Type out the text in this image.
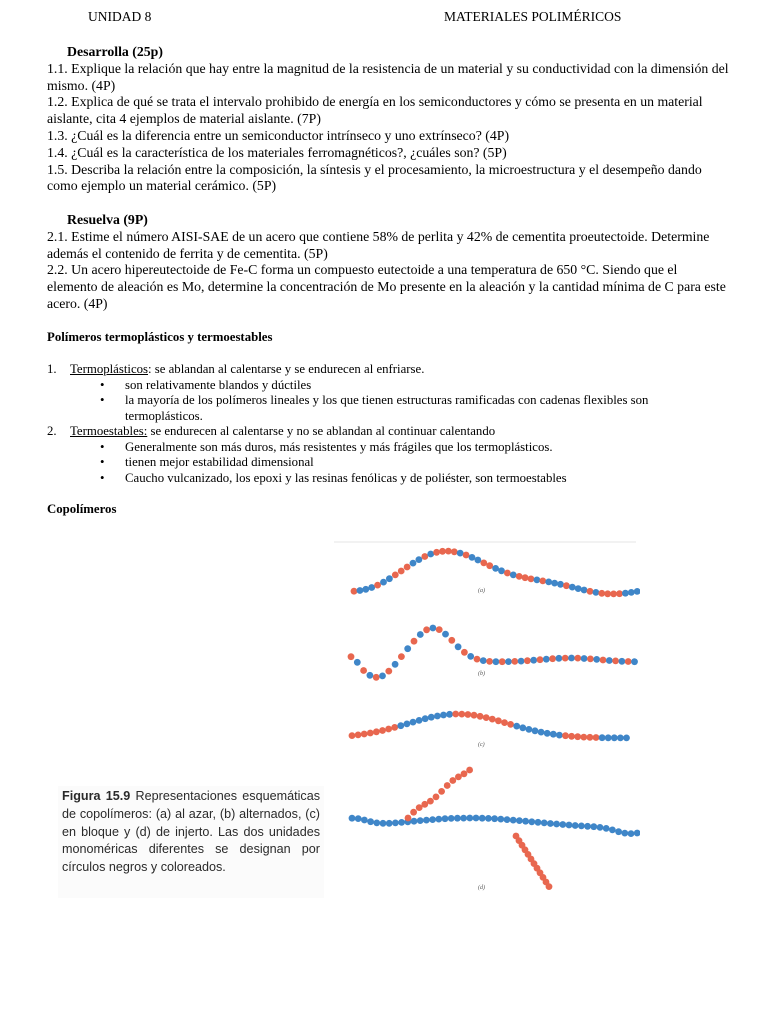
UNIDAD 8	MATERIALES POLIMÉRICOS
Desarrolla (25p)
1.1. Explique la relación que hay entre la magnitud de la resistencia de un material y su conductividad con la dimensión del mismo. (4P)
1.2. Explica de qué se trata el intervalo prohibido de energía en los semiconductores y cómo se presenta en un material aislante, cita 4 ejemplos de material aislante. (7P)
1.3. ¿Cuál es la diferencia entre un semiconductor intrínseco y uno extrínseco? (4P)
1.4. ¿Cuál es la característica de los materiales ferromagnéticos?, ¿cuáles son? (5P)
1.5. Describa la relación entre la composición, la síntesis y el procesamiento, la microestructura y el desempeño dando como ejemplo un material cerámico. (5P)
Resuelva (9P)
2.1. Estime el número AISI-SAE de un acero que contiene 58% de perlita y 42% de cementita proeutectoide. Determine además el contenido de ferrita y de cementita. (5P)
2.2. Un acero hipereutectoide de Fe-C forma un compuesto eutectoide a una temperatura de 650 °C. Siendo que el elemento de aleación es Mo, determine la concentración de Mo presente en la aleación y la cantidad mínima de C para este acero. (4P)
Polímeros termoplásticos y termoestables
1. Termoplásticos: se ablandan al calentarse y se endurecen al enfriarse.
• son relativamente blandos y dúctiles
• la mayoría de los polímeros lineales y los que tienen estructuras ramificadas con cadenas flexibles son termoplásticos.
2. Termoestables: se endurecen al calentarse y no se ablandan al continuar calentando
• Generalmente son más duros, más resistentes y más frágiles que los termoplásticos.
• tienen mejor estabilidad dimensional
• Caucho vulcanizado, los epoxi y las resinas fenólicas y de poliéster, son termoestables
Copolímeros
Figura 15.9 Representaciones esquemáticas de copolímeros: (a) al azar, (b) alternados, (c) en bloque y (d) de injerto. Las dos unidades monoméricas diferentes se designan por círculos negros y coloreados.
(a)
(b)
(c)
(d)
